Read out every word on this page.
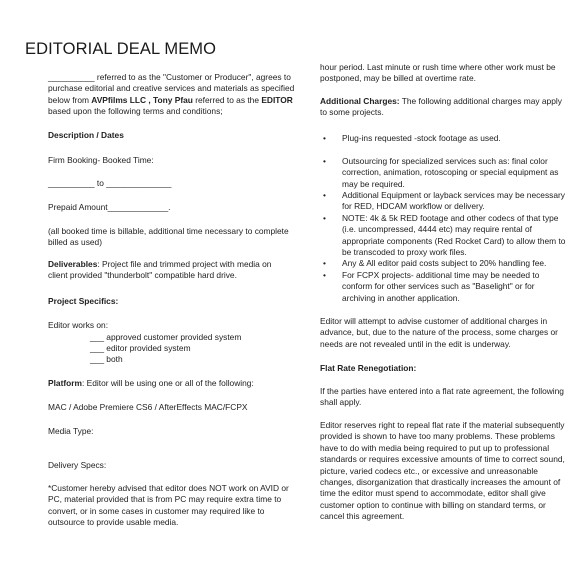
EDITORIAL DEAL MEMO

__________ referred to as the "Customer or Producer", agrees to purchase editorial and creative services and materials as specified below from AVPfilms LLC , Tony Pfau referred to as the EDITOR based upon the following terms and conditions;

Description / Dates

Firm Booking- Booked Time:

__________ to ______________

Prepaid Amount_____________.

(all booked time is billable, additional time necessary to complete billed as used)

Deliverables: Project file and trimmed project with media on client provided "thunderbolt" compatible hard drive.

Project Specifics:

Editor works on:

___ approved customer provided system

___ editor provided system

___ both

Platform: Editor will be using one or all of the following:

MAC / Adobe Premiere CS6 / AfterEffects MAC/FCPX

Media Type:

Delivery Specs:

*Customer hereby advised that editor does NOT work on AVID or PC, material provided that is from PC may require extra time to convert, or in some cases in customer may required like to outsource to provide usable media.

hour period. Last minute or rush time where other work must be postponed, may be billed at overtime rate.

Additional Charges: The following additional charges may apply to some projects.

• Plug-ins requested -stock footage as used.
• Outsourcing for specialized services such as: final color correction, animation, rotoscoping or special equipment as may be required.
• Additional Equipment or layback services may be necessary for RED, HDCAM workflow or delivery.
• NOTE: 4k & 5k RED footage and other codecs of that type (i.e. uncompressed, 4444 etc) may require rental of appropriate components (Red Rocket Card) to allow them to be transcoded to proxy work files.
• Any & All editor paid costs subject to 20% handling fee.
• For FCPX projects- additional time may be needed to conform for other services such as "Baselight" or for archiving in another application.

Editor will attempt to advise customer of additional charges in advance, but, due to the nature of the process, some charges or needs are not revealed until in the edit is underway.

Flat Rate Renegotiation:

If the parties have entered into a flat rate agreement, the following shall apply.

Editor reserves right to repeal flat rate if the material subsequently provided is shown to have too many problems. These problems have to do with media being required to put up to professional standards or requires excessive amounts of time to correct sound, picture, varied codecs etc., or excessive and unreasonable changes, disorganization that drastically increases the amount of time the editor must spend to accommodate, editor shall give customer option to continue with billing on standard terms, or cancel this agreement.
